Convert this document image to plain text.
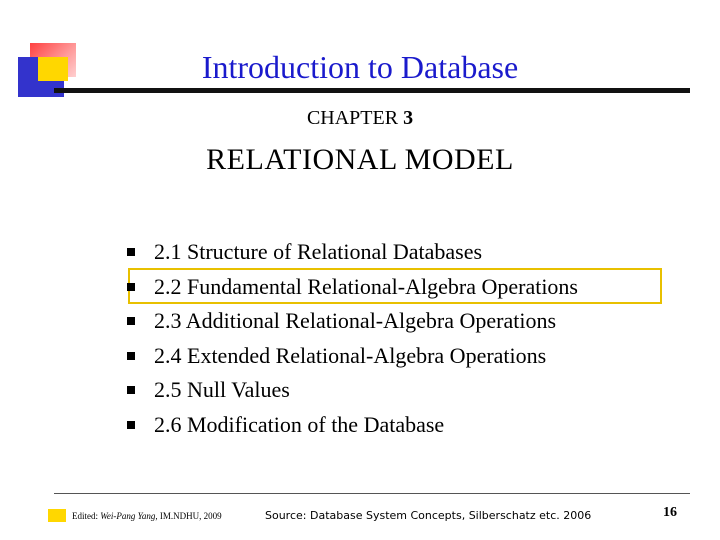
Introduction to Database
CHAPTER 3
RELATIONAL MODEL
2.1 Structure of Relational Databases
2.2 Fundamental Relational-Algebra Operations
2.3 Additional Relational-Algebra Operations
2.4 Extended Relational-Algebra Operations
2.5 Null Values
2.6 Modification of the Database
Edited: Wei-Pang Yang, IM.NDHU, 2009	Source: Database System Concepts, Silberschatz etc. 2006	16
